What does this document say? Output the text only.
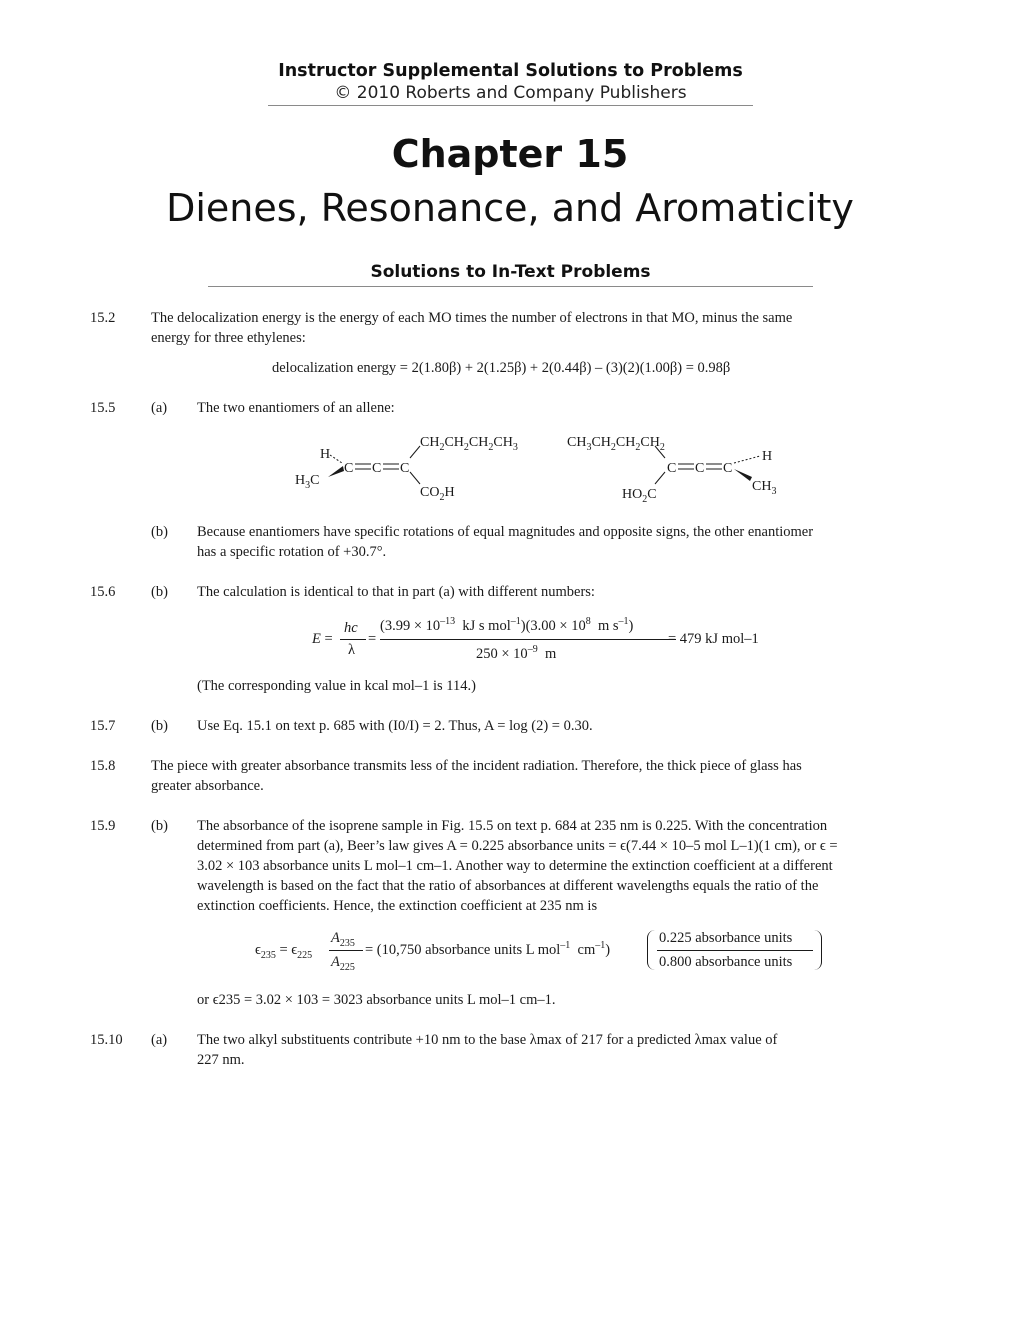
Instructor Supplemental Solutions to Problems
© 2010 Roberts and Company Publishers
Chapter 15
Dienes, Resonance, and Aromaticity
Solutions to In-Text Problems
15.2 The delocalization energy is the energy of each MO times the number of electrons in that MO, minus the same
energy for three ethylenes:
delocalization energy = 2(1.80β) + 2(1.25β) + 2(0.44β) – (3)(2)(1.00β) = 0.98β
15.5 (a) The two enantiomers of an allene:
$CH_2CH_2CH_2CH_3$
H
$H_3C$
C C C
$CO_2H$
$CH_3CH_2CH_2CH_2$
C C C
H
$CH_3$
$HO_2C$
(b) Because enantiomers have specific rotations of equal magnitudes and opposite signs, the other enantiomer
has a specific rotation of +30.7°.
15.6 (b) The calculation is identical to that in part (a) with different numbers:
E =
hc
λ
=
($3.99 \times 10^{-13}$  kJ s $mol^{-1})(3.00 \times 10^8$  m $s^{-1}$)
$250 \times 10^{-9}$  m
= 479 kJ mol–1
(The corresponding value in kcal mol–1 is 114.)
15.7 (b) Use Eq. 15.1 on text p. 685 with (I0/I) = 2. Thus, A = log (2) = 0.30.
15.8 The piece with greater absorbance transmits less of the incident radiation. Therefore, the thick piece of glass has
greater absorbance.
15.9 (b) The absorbance of the isoprene sample in Fig. 15.5 on text p. 684 at 235 nm is 0.225. With the concentration
determined from part (a), Beer’s law gives A = 0.225 absorbance units = ϵ(7.44 × 10–5 mol L–1)(1 cm), or ϵ =
3.02 × 103 absorbance units L mol–1 cm–1. Another way to determine the extinction coefficient at a different
wavelength is based on the fact that the ratio of absorbances at different wavelengths equals the ratio of the
extinction coefficients. Hence, the extinction coefficient at 235 nm is
$\epsilon_{235} = \epsilon_{225}$
$A_{235}$
$A_{225}$
= (10,750 absorbance units L mol$^{-1}$  $cm^{-1}$)
0.225 absorbance units
0.800 absorbance units
or ϵ235 = 3.02 × 103 = 3023 absorbance units L mol–1 cm–1.
15.10 (a) The two alkyl substituents contribute +10 nm to the base λmax of 217 for a predicted λmax value of
227 nm.
